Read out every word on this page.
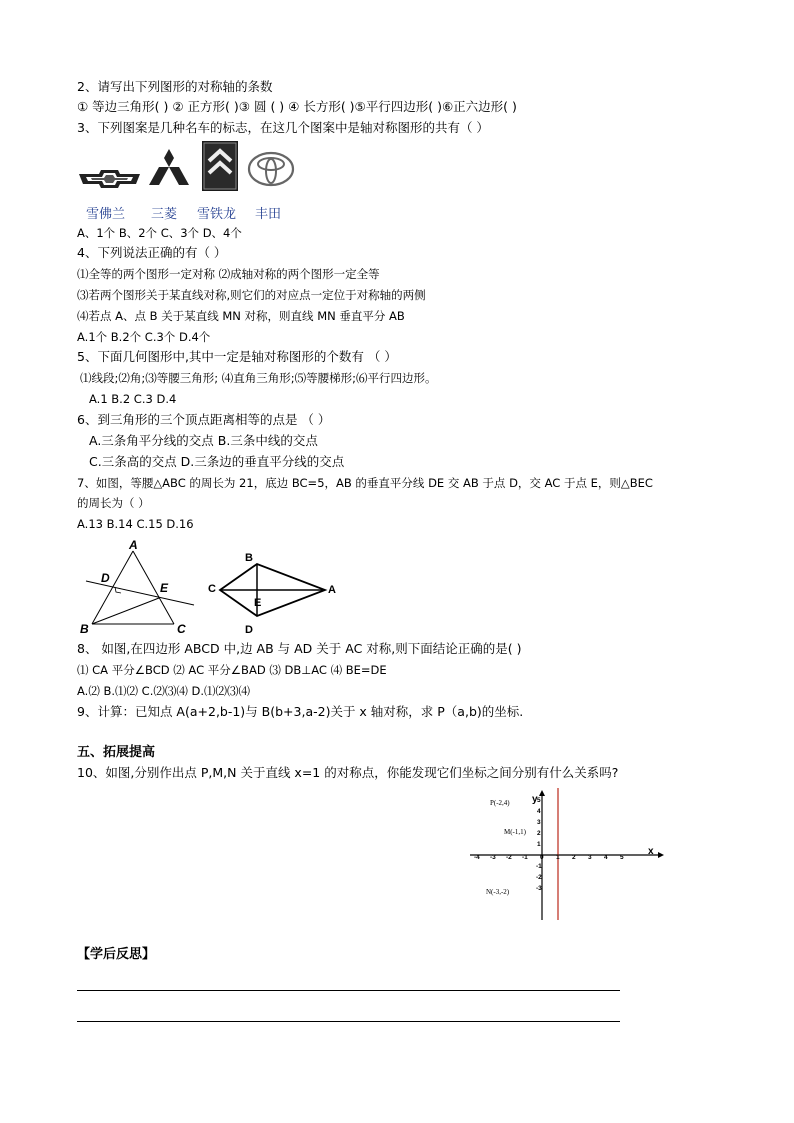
2、请写出下列图形的对称轴的条数
① 等边三角形( ) ② 正方形( )③ 圆 ( ) ④ 长方形( )⑤平行四边形( )⑥正六边形( )
3、下列图案是几种名车的标志，在这几个图案中是轴对称图形的共有（ ）
雪佛兰 三菱 雪铁龙 丰田
A、1个 B、2个 C、3个 D、4个
4、下列说法正确的有（ ）
⑴全等的两个图形一定对称 ⑵成轴对称的两个图形一定全等
⑶若两个图形关于某直线对称,则它们的对应点一定位于对称轴的两侧
⑷若点 A、点 B 关于某直线 MN 对称，则直线 MN 垂直平分 AB
A.1个 B.2个 C.3个 D.4个
5、下面几何图形中,其中一定是轴对称图形的个数有 （ ）
⑴线段;⑵角;⑶等腰三角形; ⑷直角三角形;⑸等腰梯形;⑹平行四边形。
A.1 B.2 C.3 D.4
6、到三角形的三个顶点距离相等的点是 （ ）
A.三条角平分线的交点 B.三条中线的交点
C.三条高的交点 D.三条边的垂直平分线的交点
7、如图，等腰△ABC 的周长为 21，底边 BC=5，AB 的垂直平分线 DE 交 AB 于点 D，交 AC 于点 E，则△BEC
的周长为（ ）
A.13 B.14 C.15 D.16
A
D
E
B	C
B
C
E
A
D
8、 如图,在四边形 ABCD 中,边 AB 与 AD 关于 AC 对称,则下面结论正确的是( )
⑴ CA 平分∠BCD ⑵ AC 平分∠BAD ⑶ DB⊥AC ⑷ BE=DE
A.⑵ B.⑴⑵ C.⑵⑶⑷ D.⑴⑵⑶⑷
9、计算：已知点 A(a+2,b-1)与 B(b+3,a-2)关于 x 轴对称，求 P（a,b)的坐标.
五、拓展提高
10、如图,分别作出点 P,M,N 关于直线 x=1 的对称点，你能发现它们坐标之间分别有什么关系吗?
x
y
-4 -3 -2 -1 0 1 2 3 4 5
5
4
3
2
1
-1
-2
-3
P(-2,4)
M(-1,1)
N(-3,-2)
【学后反思】
